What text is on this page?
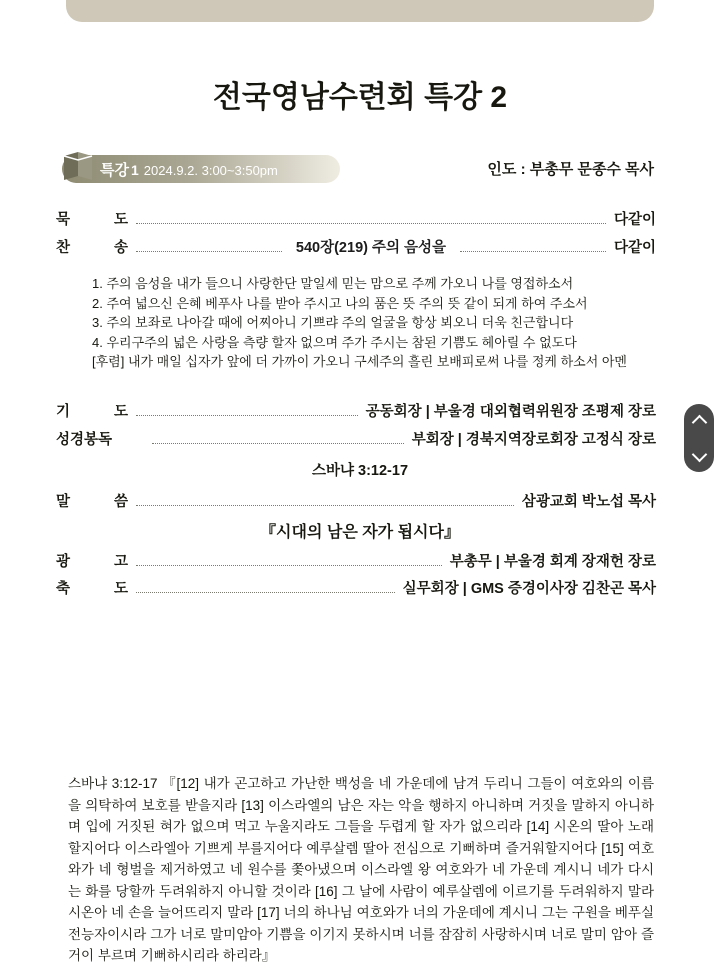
전국영남수련회 특강 2
특강 1 2024.9.2. 3:00~3:50pm	인도 : 부총무 문종수 목사
묵	도	다같이
찬	송	540장(219) 주의 음성을	다같이
1. 주의 음성을 내가 들으니 사랑한단 말일세 믿는 맘으로 주께 가오니 나를 영접하소서
2. 주여 넓으신 은혜 베푸사 나를 받아 주시고 나의 품은 뜻 주의 뜻 같이 되게 하여 주소서
3. 주의 보좌로 나아갈 때에 어찌아니 기쁘랴 주의 얼굴을 항상 뵈오니 더욱 친근합니다
4. 우리구주의 넓은 사랑을 측량 할자 없으며 주가 주시는 참된 기쁨도 헤아릴 수 없도다
[후렴] 내가 매일 십자가 앞에 더 가까이 가오니 구세주의 흘린 보배피로써 나를 정케 하소서 아멘
기	도	공동회장 | 부울경 대외협력위원장 조평제 장로
성경봉독	부회장 | 경북지역장로회장 고정식 장로
스바냐 3:12-17
말	씀	삼광교회 박노섭 목사
『시대의 남은 자가 됩시다』
광	고	부총무 | 부울경 회계 장재헌 장로
축	도	실무회장 | GMS 증경이사장 김찬곤 목사
스바냐 3:12-17 『[12] 내가 곤고하고 가난한 백성을 네 가운데에 남겨 두리니 그들이 여호와의 이름을 의탁하여 보호를 받을지라 [13] 이스라엘의 남은 자는 악을 행하지 아니하며 거짓을 말하지 아니하며 입에 거짓된 혀가 없으며 먹고 누울지라도 그들을 두렵게 할 자가 없으리라 [14] 시온의 딸아 노래할지어다 이스라엘아 기쁘게 부를지어다 예루살렘 딸아 전심으로 기뻐하며 즐거워할지어다 [15] 여호와가 네 형벌을 제거하였고 네 원수를 쫓아냈으며 이스라엘 왕 여호와가 네 가운데 계시니 네가 다시는 화를 당할까 두려워하지 아니할 것이라 [16] 그 날에 사람이 예루살렘에 이르기를 두려워하지 말라 시온아 네 손을 늘어뜨리지 말라 [17] 너의 하나님 여호와가 너의 가운데에 계시니 그는 구원을 베푸실 전능자이시라 그가 너로 말미암아 기쁨을 이기지 못하시며 너를 잠잠히 사랑하시며 너로 말미 암아 즐거이 부르며 기뻐하시리라 하리라』
